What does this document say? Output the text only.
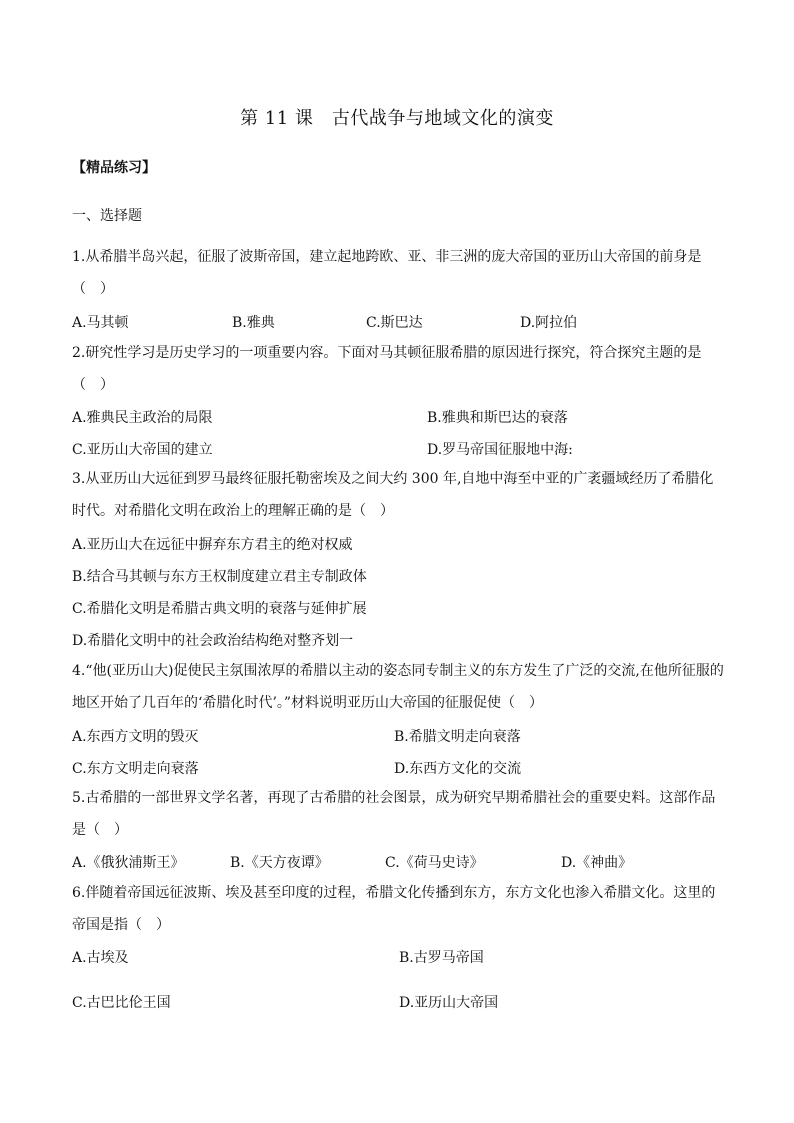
第 11 课　古代战争与地域文化的演变
【精品练习】
一、选择题
1.从希腊半岛兴起，征服了波斯帝国，建立起地跨欧、亚、非三洲的庞大帝国的亚历山大帝国的前身是（　）
A.马其顿	B.雅典	C.斯巴达	D.阿拉伯
2.研究性学习是历史学习的一项重要内容。下面对马其顿征服希腊的原因进行探究，符合探究主题的是（　）
A.雅典民主政治的局限	B.雅典和斯巴达的衰落
C.亚历山大帝国的建立	D.罗马帝国征服地中海:
3.从亚历山大远征到罗马最终征服托勒密埃及之间大约 300 年,自地中海至中亚的广袤疆域经历了希腊化时代。对希腊化文明在政治上的理解正确的是（　）
A.亚历山大在远征中摒弃东方君主的绝对权威
B.结合马其顿与东方王权制度建立君主专制政体
C.希腊化文明是希腊古典文明的衰落与延伸扩展
D.希腊化文明中的社会政治结构绝对整齐划一
4.“他(亚历山大)促使民主氛围浓厚的希腊以主动的姿态同专制主义的东方发生了广泛的交流,在他所征服的地区开始了几百年的‘希腊化时代’。”材料说明亚历山大帝国的征服促使（　）
A.东西方文明的毁灭	B.希腊文明走向衰落
C.东方文明走向衰落	D.东西方文化的交流
5.古希腊的一部世界文学名著，再现了古希腊的社会图景，成为研究早期希腊社会的重要史料。这部作品是（　）
A.《俄狄浦斯王》	B.《天方夜谭》	C.《荷马史诗》	D.《神曲》
6.伴随着帝国远征波斯、埃及甚至印度的过程，希腊文化传播到东方，东方文化也渗入希腊文化。这里的帝国是指（　）
A.古埃及	B.古罗马帝国
C.古巴比伦王国	D.亚历山大帝国
